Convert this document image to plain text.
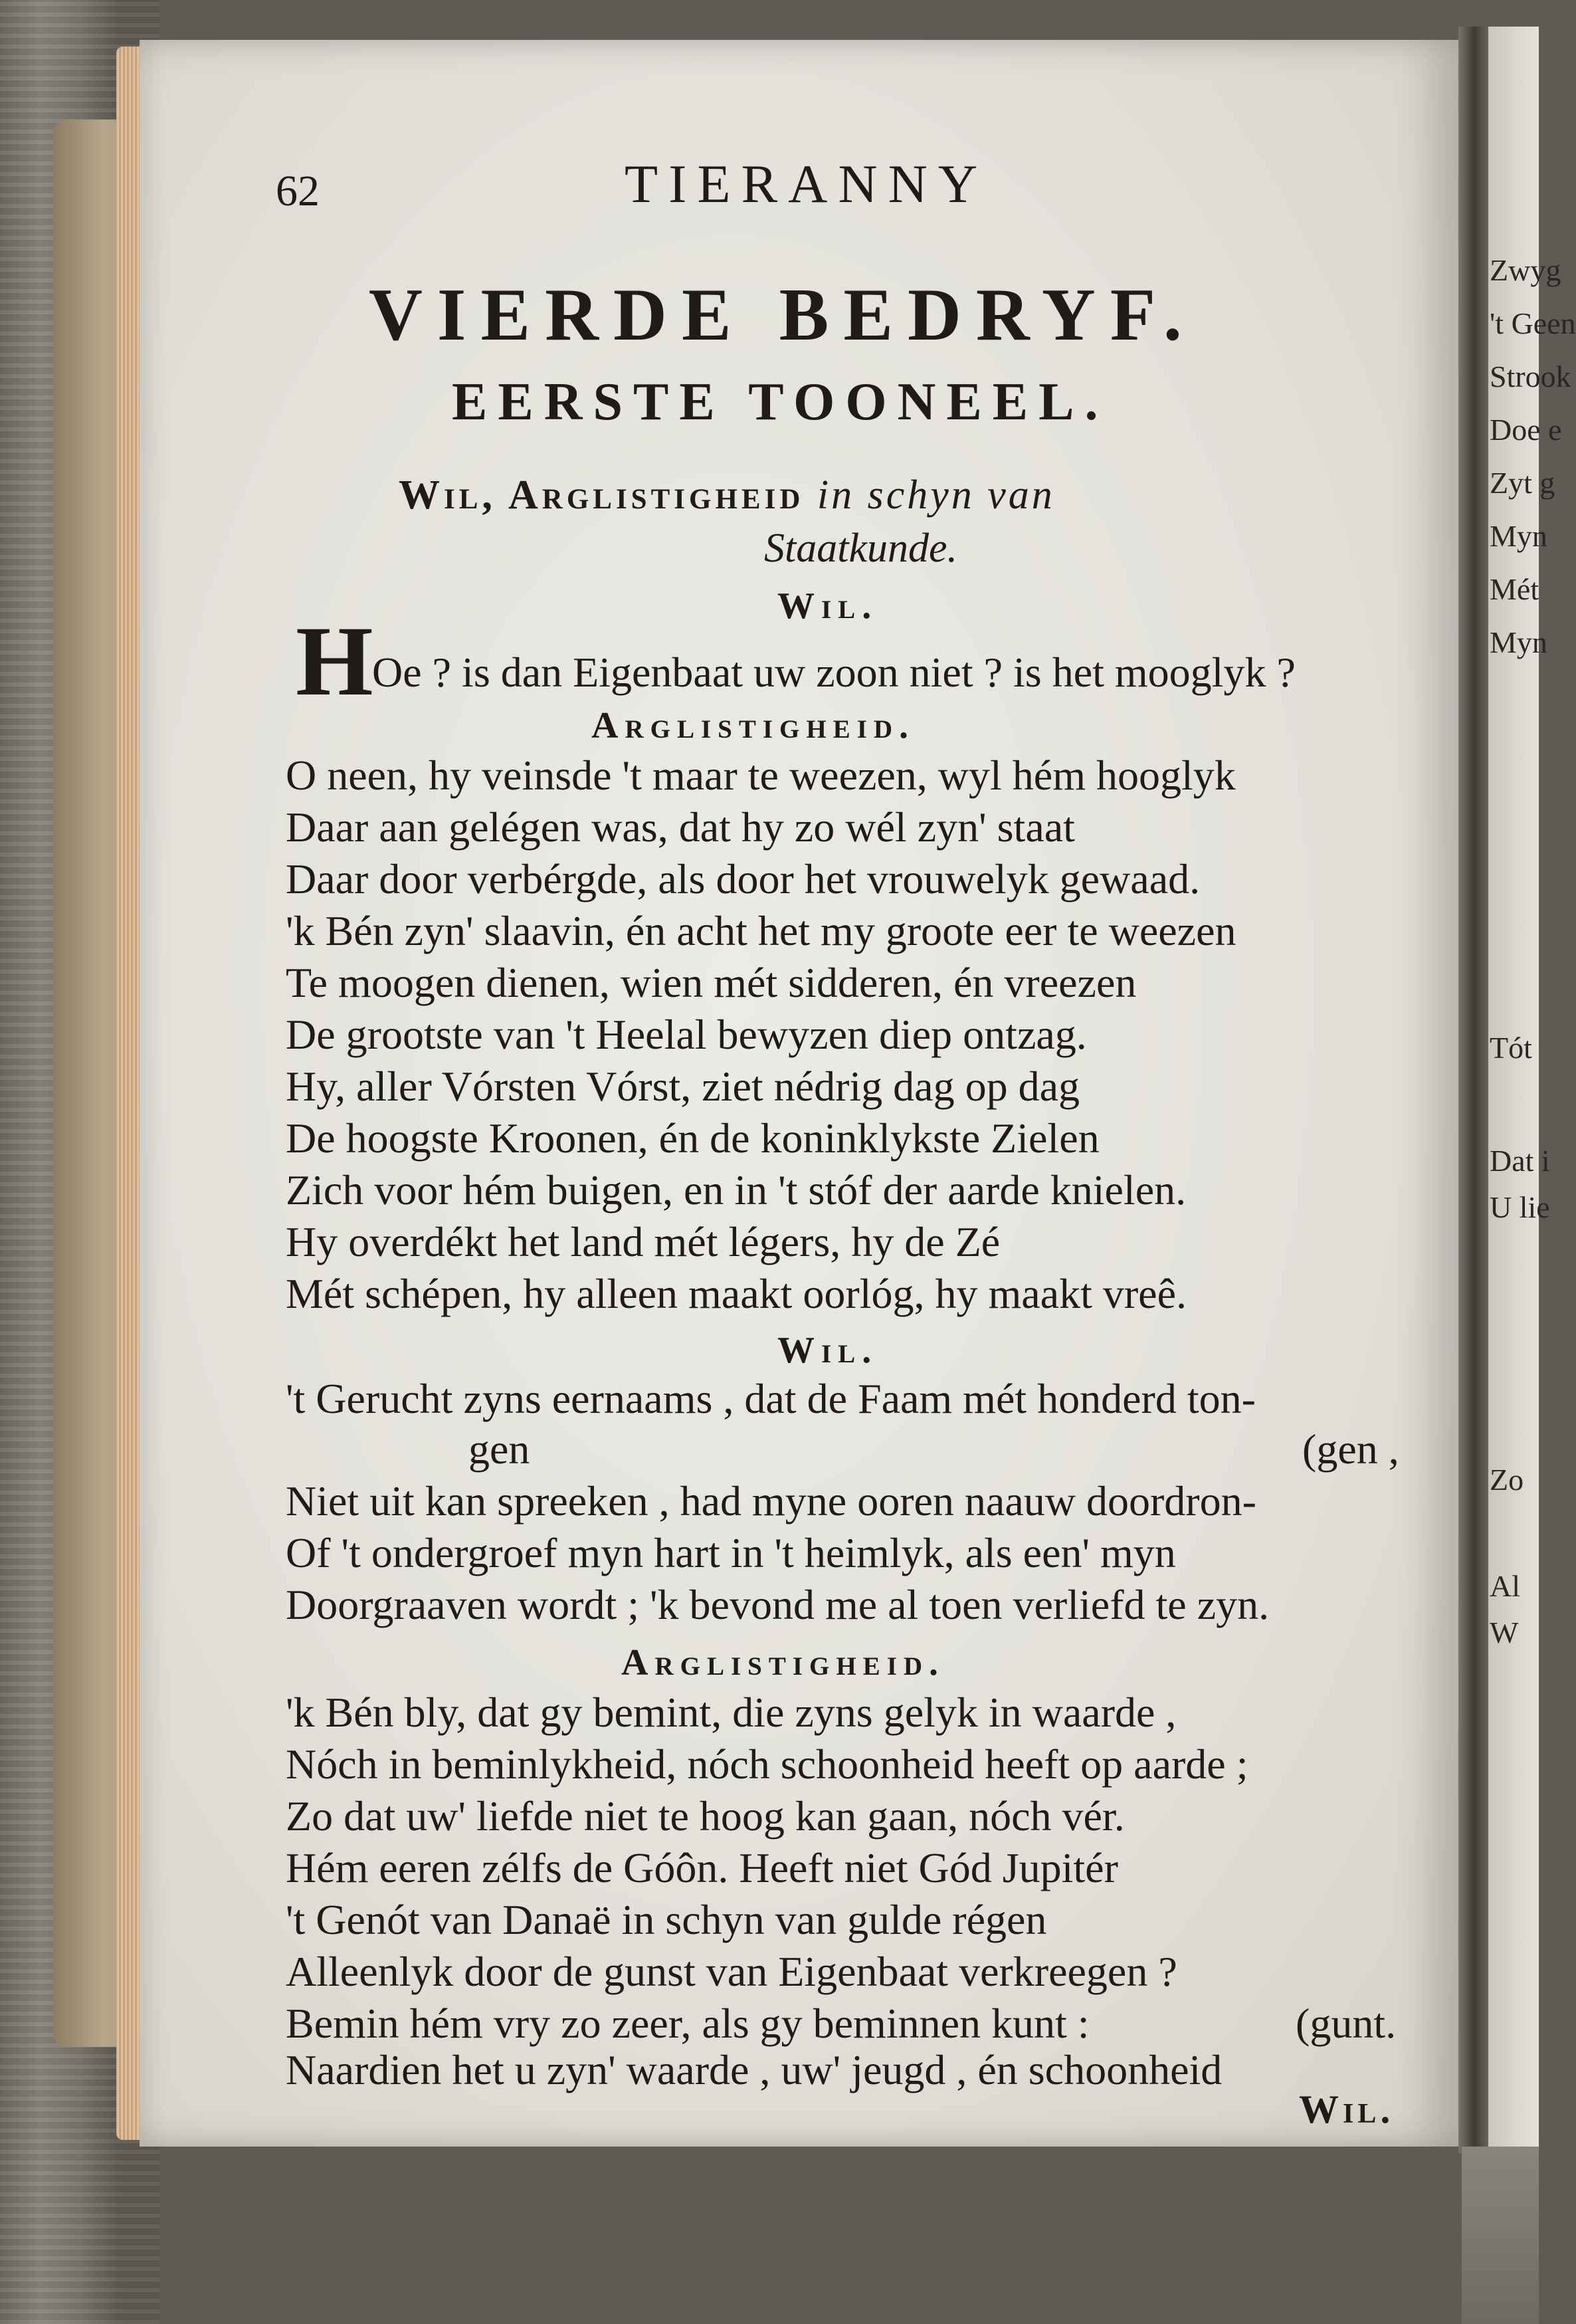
62	TIERANNY
VIERDE BEDRYF.
EERSTE TOONEEL.
Wil, Arglistigheid in schyn van
Staatkunde.
Wil.
H
Oe ? is dan Eigenbaat uw zoon niet ? is het mooglyk ?
Arglistigheid.
O neen, hy veinsde 't maar te weezen, wyl hém hooglyk
Daar aan gelégen was, dat hy zo wél zyn' staat
Daar door verbérgde, als door het vrouwelyk gewaad.
'k Bén zyn' slaavin, én acht het my groote eer te weezen
Te moogen dienen, wien mét sidderen, én vreezen
De grootste van 't Heelal bewyzen diep ontzag.
Hy, aller Vórsten Vórst, ziet nédrig dag op dag
De hoogste Kroonen, én de koninklykste Zielen
Zich voor hém buigen, en in 't stóf der aarde knielen.
Hy overdékt het land mét légers, hy de Zé
Mét schépen, hy alleen maakt oorlóg, hy maakt vreê.
Wil.
't Gerucht zyns eernaams , dat de Faam mét honderd ton-
gen	(gen ,
Niet uit kan spreeken , had myne ooren naauw doordron-
Of 't ondergroef myn hart in 't heimlyk, als een' myn
Doorgraaven wordt ; 'k bevond me al toen verliefd te zyn.
Arglistigheid.
'k Bén bly, dat gy bemint, die zyns gelyk in waarde ,
Nóch in beminlykheid, nóch schoonheid heeft op aarde ;
Zo dat uw' liefde niet te hoog kan gaan, nóch vér.
Hém eeren zélfs de Góôn. Heeft niet Gód Jupitér
't Genót van Danaë in schyn van gulde régen
Alleenlyk door de gunst van Eigenbaat verkreegen ?
Bemin hém vry zo zeer, als gy beminnen kunt :	(gunt.
Naardien het u zyn' waarde , uw' jeugd , én schoonheid
Wil.
Zwyg
't Geen
Strook
Doe e
Zyt g
Myn
Mét
Myn
Tót
Dat i
U lie
Zo
Al
W
